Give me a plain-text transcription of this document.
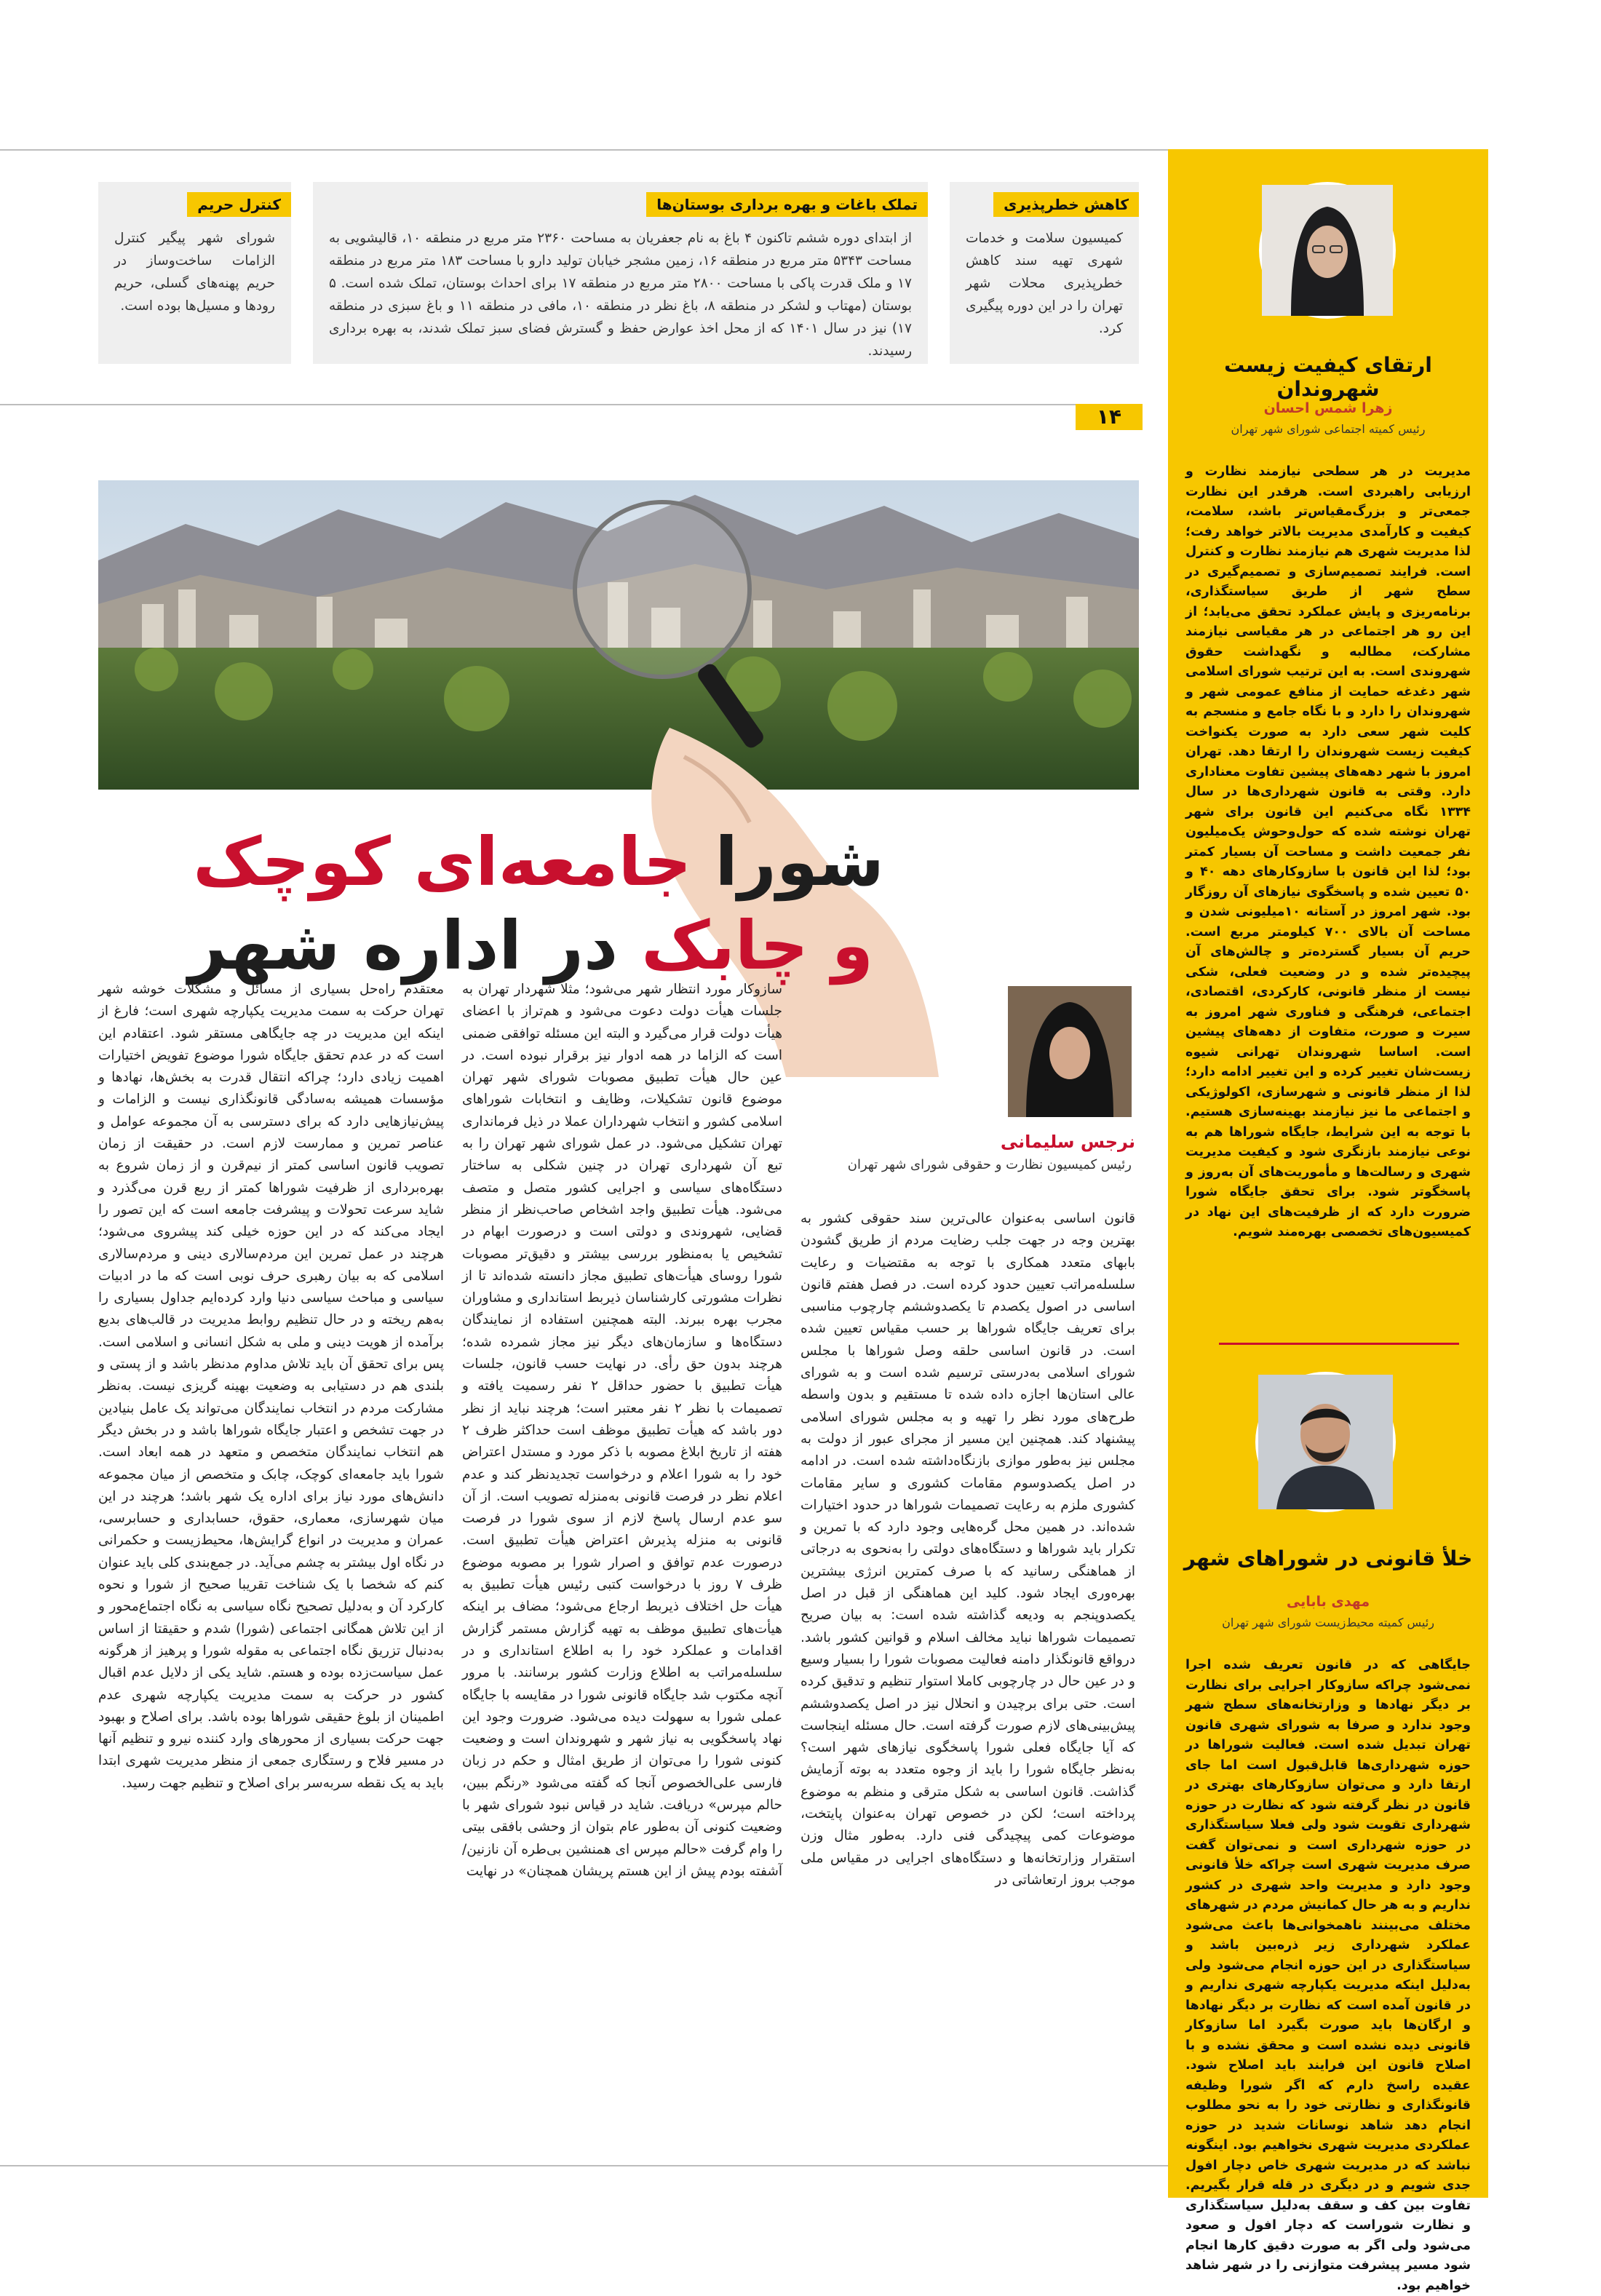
کاهش خطرپذیری
کمیسیون سلامت و خدمات شهری تهیه سند کاهش خطرپذیری محلات شهر تهران را در این دوره پیگیری کرد.
تملک باغات و بهره برداری بوستان‌ها
از ابتدای دوره ششم تاکنون ۴ باغ به نام جعفریان به مساحت ۲۳۶۰ متر مربع در منطقه ۱۰، قالیشویی به مساحت ۵۳۴۳ متر مربع در منطقه ۱۶، زمین مشجر خیابان تولید دارو با مساحت ۱۸۳ متر مربع در منطقه ۱۷ و ملک قدرت پاکی با مساحت ۲۸۰۰ متر مربع در منطقه ۱۷ برای احداث بوستان، تملک شده است. ۵ بوستان (مهتاب و لشکر در منطقه ۸، باغ نظر در منطقه ۱۰، مافی در منطقه ۱۱ و باغ سبزی در منطقه ۱۷) نیز در سال ۱۴۰۱ که از محل اخذ عوارض حفظ و گسترش فضای سبز تملک شدند، به بهره برداری رسیدند.
کنترل حریم
شورای شهر پیگیر کنترل الزامات ساخت‌وساز در حریم پهنه‌های گسلی، حریم رودها و مسیل‌ها بوده است.
۱۴
ارتقای کیفیت زیست شهروندان
زهرا شمس احسان
رئیس کمیته اجتماعی شورای شهر تهران
مدیریت در هر سطحی نیازمند نظارت و ارزیابی راهبردی است. هرقدر این نظارت جمعی‌تر و بزرگ‌مقیاس‌تر باشد، سلامت، کیفیت و کارآمدی مدیریت بالاتر خواهد رفت؛ لذا مدیریت شهری هم نیازمند نظارت و کنترل است. فرایند تصمیم‌سازی و تصمیم‌گیری در سطح شهر از طریق سیاستگذاری، برنامه‌ریزی و پایش عملکرد تحقق می‌یابد؛ از این رو هر اجتماعی در هر مقیاسی نیازمند مشارکت، مطالبه و نگهداشت حقوق شهروندی است. به این ترتیب شورای اسلامی شهر دغدغه حمایت از منافع عمومی شهر و شهروندان را دارد و با نگاه جامع و منسجم به کلیت شهر سعی دارد به صورت یکنواخت کیفیت زیست شهروندان را ارتقا دهد. تهران امروز با شهر دهه‌های پیشین تفاوت معناداری دارد. وقتی به قانون شهرداری‌ها در سال ۱۳۳۴ نگاه می‌کنیم این قانون برای شهر تهران نوشته شده که حول‌وحوش یک‌میلیون نفر جمعیت داشت و مساحت آن بسیار کمتر بود؛ لذا این قانون با سازوکارهای دهه ۴۰ و ۵۰ تعیین شده و پاسخگوی نیازهای آن روزگار بود. شهر امروز در آستانه ۱۰میلیونی شدن و مساحت آن بالای ۷۰۰ کیلومتر مربع است. حریم آن بسیار گسترده‌تر و چالش‌های آن پیچیده‌تر شده و در وضعیت فعلی، شکی نیست از منظر قانونی، کارکردی، اقتصادی، اجتماعی، فرهنگی و فناوری شهر امروز به سیرت و صورت، متفاوت از دهه‌های پیشین است. اساسا شهروندان تهرانی شیوه زیست‌شان تغییر کرده و این تغییر ادامه دارد؛ لذا از منظر قانونی و شهرسازی، اکولوژیکی و اجتماعی ما نیز نیازمند بهینه‌سازی هستیم. با توجه به این شرایط، جایگاه شوراها هم به نوعی نیازمند بازنگری شود و کیفیت مدیریت شهری و رسالت‌ها و مأموریت‌های آن به‌روز و پاسخگوتر شود. برای تحقق جایگاه شورا ضرورت دارد که از ظرفیت‌های این نهاد در کمیسیون‌های تخصصی بهره‌مند شویم.
خلأ قانونی در شوراهای شهر
مهدی بابایی
رئیس کمیته محیط‌زیست شورای شهر تهران
جایگاهی که در قانون تعریف شده اجرا نمی‌شود چراکه سازوکار اجرایی برای نظارت بر دیگر نهادها و وزارتخانه‌های سطح شهر وجود ندارد و صرفا به شورای شهری قانون تهران تبدیل شده است. فعالیت شوراها در حوزه شهرداری‌ها قابل‌قبول است اما جای ارتقا دارد و می‌توان سازوکارهای بهتری در قانون در نظر گرفته شود که نظارت در حوزه شهرداری تقویت شود ولی فعلا سیاستگذاری در حوزه شهرداری است و نمی‌توان گفت صرف مدیریت شهری است چراکه خلأ قانونی وجود دارد و مدیریت واحد شهری در کشور نداریم و به هر حال کمانیش مردم در شهرهای مختلف می‌بینند ناهمخوانی‌ها باعث می‌شود عملکرد شهرداری زیر ذره‌بین باشد و سیاستگذاری در این حوزه انجام می‌شود ولی به‌دلیل اینکه مدیریت یکپارچه شهری نداریم و در قانون آمده است که نظارت بر دیگر نهادها و ارگان‌ها باید صورت بگیرد اما سازوکار قانونی دیده نشده است و محقق نشده و با اصلاح قانون این فرایند باید اصلاح شود. عقیده راسخ دارم که اگر شورا وظیفه قانونگذاری و نظارتی خود را به نحو مطلوب انجام دهد شاهد نوسانات شدید در حوزه عملکردی مدیریت شهری نخواهیم بود. اینگونه نباشد که در مدیریت شهری خاص دچار افول جدی شویم و در دیگری در قله قرار بگیریم. تفاوت بین کف و سقف به‌دلیل سیاستگذاری و نظارت شوراست که دچار افول و صعود می‌شود ولی اگر به صورت دقیق کارها انجام شود مسیر پیشرفت متوازنی را در شهر شاهد خواهیم بود.
شورا جامعه‌ای کوچک
و چابک در اداره شهر
نرجس سلیمانی
رئیس کمیسیون نظارت و حقوقی شورای شهر تهران
قانون اساسی به‌عنوان عالی‌ترین سند حقوقی کشور به بهترین وجه در جهت جلب رضایت مردم از طریق گشودن بابهای متعدد همکاری با توجه به مقتضیات و رعایت سلسله‌مراتب تعیین حدود کرده است. در فصل هفتم قانون اساسی در اصول یکصدم تا یکصدوششم چارچوب مناسبی برای تعریف جایگاه شوراها بر حسب مقیاس تعیین شده است. در قانون اساسی حلقه وصل شوراها با مجلس شورای اسلامی به‌درستی ترسیم شده است و به شورای عالی استان‌ها اجازه داده شده تا مستقیم و بدون واسطه طرح‌های مورد نظر را تهیه و به مجلس شورای اسلامی پیشنهاد کند. همچنین این مسیر از مجرای عبور از دولت به مجلس نیز به‌طور موازی بازنگاه‌داشته شده است. در ادامه در اصل یکصدوسوم مقامات کشوری و سایر مقامات کشوری ملزم به رعایت تصمیمات شوراها در حدود اختیارات شده‌اند. در همین محل گره‌هایی وجود دارد که با تمرین و تکرار باید شوراها و دستگاه‌های دولتی را به‌نحوی به درجاتی از هماهنگی رسانید که با صرف کمترین انرژی بیشترین بهره‌وری ایجاد شود. کلید این هماهنگی از قبل در اصل یکصدوپنجم به ودیعه گذاشته شده است: به بیان صریح تصمیمات شوراها نباید مخالف اسلام و قوانین کشور باشد. درواقع قانونگذار دامنه فعالیت مصوبات شورا را بسیار وسیع و در عین حال در چارچوبی کاملا استوار تنظیم و تدقیق کرده است. حتی برای برچیدن و انحلال نیز در اصل یکصدوششم پیش‌بینی‌های لازم صورت گرفته است. حال مسئله اینجاست که آیا جایگاه فعلی شورا پاسخگوی نیازهای شهر است؟ به‌نظر جایگاه شورا را باید از وجوه متعدد به بوته آزمایش گذاشت. قانون اساسی به شکل مترقی و منظم به موضوع پرداخته است؛ لکن در خصوص تهران به‌عنوان پایتخت، موضوعات کمی پیچیدگی فنی دارد. به‌طور مثال وزن استقرار وزارتخانه‌ها و دستگاه‌های اجرایی در مقیاس ملی موجب بروز ارتعاشاتی در
سازوکار مورد انتظار شهر می‌شود؛ مثلا شهردار تهران به جلسات هیأت دولت دعوت می‌شود و هم‌تراز با اعضای هیأت دولت قرار می‌گیرد و البته این مسئله توافقی ضمنی است که الزاما در همه ادوار نیز برقرار نبوده است. در عین حال هیأت تطبیق مصوبات شورای شهر تهران موضوع قانون تشکیلات، وظایف و انتخابات شوراهای اسلامی کشور و انتخاب شهرداران عملا در ذیل فرمانداری تهران تشکیل می‌شود. در عمل شورای شهر تهران را به تبع آن شهرداری تهران در چنین شکلی به ساختار دستگاه‌های سیاسی و اجرایی کشور متصل و متصف می‌شود. هیأت تطبیق واجد اشخاص صاحب‌نظر از منظر قضایی، شهروندی و دولتی است و درصورت ابهام در تشخیص یا به‌منظور بررسی بیشتر و دقیق‌تر مصوبات شورا روسای هیأت‌های تطبیق مجاز دانسته شده‌اند تا از نظرات مشورتی کارشناسان ذیربط استانداری و مشاوران مجرب بهره ببرند. البته همچنین استفاده از نمایندگان دستگاه‌ها و سازمان‌های دیگر نیز مجاز شمرده شده؛ هرچند بدون حق رأی. در نهایت حسب قانون، جلسات هیأت تطبیق با حضور حداقل ۲ نفر رسمیت یافته و تصمیمات با نظر ۲ نفر معتبر است؛ هرچند نباید از نظر دور باشد که هیأت تطبیق موظف است حداکثر ظرف ۲ هفته از تاریخ ابلاغ مصوبه با ذکر مورد و مستدل اعتراض خود را به شورا اعلام و درخواست تجدیدنظر کند و عدم اعلام نظر در فرصت قانونی به‌منزله تصویب است. از آن سو عدم ارسال پاسخ لازم از سوی شورا در فرصت قانونی به منزله پذیرش اعتراض هیأت تطبیق است. درصورت عدم توافق و اصرار شورا بر مصوبه موضوع ظرف ۷ روز با درخواست کتبی رئیس هیأت تطبیق به هیأت حل اختلاف ذیربط ارجاع می‌شود؛ مضاف بر اینکه هیأت‌های تطبیق موظف به تهیه گزارش مستمر گزارش اقدامات و عملکرد خود را به اطلاع استانداری و در سلسله‌مراتب به اطلاع وزارت کشور برسانند. با مرور آنچه مکتوب شد جایگاه قانونی شورا در مقایسه با جایگاه عملی شورا به سهولت دیده می‌شود. ضرورت وجود این نهاد پاسخگویی به نیاز شهر و شهروندان است و وضعیت کنونی شورا را می‌توان از طریق امثال و حکم در زبان فارسی علی‌الخصوص آنجا که گفته می‌شود «رنگم ببین، حالم مپرس» دریافت. شاید در قیاس نبود شورای شهر با وضعیت کنونی آن به‌طور عام بتوان از وحشی بافقی بیتی را وام گرفت «حالم مپرس ای همنشین بی‌طره آن نازنین/آشفته بودم پیش از این هستم پریشان همچنان» در نهایت
معتقدم راه‌حل بسیاری از مسائل و مشکلات خوشه شهر تهران حرکت به سمت مدیریت یکپارچه شهری است؛ فارغ از اینکه این مدیریت در چه جایگاهی مستقر شود. اعتقادم این است که در عدم تحقق جایگاه شورا موضوع تفویض اختیارات اهمیت زیادی دارد؛ چراکه انتقال قدرت به بخش‌ها، نهادها و مؤسسات همیشه به‌سادگی قانونگذاری نیست و الزامات و پیش‌نیازهایی دارد که برای دسترسی به آن مجموعه عوامل و عناصر تمرین و ممارست لازم است. در حقیقت از زمان تصویب قانون اساسی کمتر از نیم‌قرن و از زمان شروع به بهره‌برداری از ظرفیت شوراها کمتر از ربع قرن می‌گذرد و شاید سرعت تحولات و پیشرفت جامعه است که این تصور را ایجاد می‌کند که در این حوزه خیلی کند پیشروی می‌شود؛ هرچند در عمل تمرین این مردم‌سالاری دینی و مردم‌سالاری اسلامی که به بیان رهبری حرف نوبی است که ما در ادبیات سیاسی و مباحث سیاسی دنیا وارد کرده‌ایم جداول بسیاری را به‌هم ریخته و در حال تنظیم روابط مدیریت در قالب‌های بدیع برآمده از هویت دینی و ملی به شکل انسانی و اسلامی است. پس برای تحقق آن باید تلاش مداوم مدنظر باشد و از پستی و بلندی هم در دستیابی به وضعیت بهینه گریزی نیست. به‌نظر مشارکت مردم در انتخاب نمایندگان می‌تواند یک عامل بنیادین در جهت تشخص و اعتبار جایگاه شوراها باشد و در بخش دیگر هم انتخاب نمایندگان متخصص و متعهد در همه ابعاد است. شورا باید جامعه‌ای کوچک، چابک و متخصص از میان مجموعه دانش‌های مورد نیاز برای اداره یک شهر باشد؛ هرچند در این میان شهرسازی، معماری، حقوق، حسابداری و حسابرسی، عمران و مدیریت در انواع گرایش‌ها، محیط‌زیست و حکمرانی در نگاه اول بیشتر به چشم می‌آید. در جمع‌بندی کلی باید عنوان کنم که شخصا با یک شناخت تقریبا صحیح از شورا و نحوه کارکرد آن و به‌دلیل تصحیح نگاه سیاسی به نگاه اجتماع‌محور و از این تلاش همگانی اجتماعی (شورا) شدم و حقیقتا از اساس به‌دنبال تزریق نگاه اجتماعی به مقوله شورا و پرهیز از هرگونه عمل سیاست‌زده بوده و هستم. شاید یکی از دلایل عدم اقبال کشور در حرکت به سمت مدیریت یکپارچه شهری عدم اطمینان از بلوغ حقیقی شوراها بوده باشد. برای اصلاح و بهبود جهت حرکت بسیاری از محورهای وارد کننده نیرو و تنظیم آنها در مسیر فلاح و رستگاری جمعی از منظر مدیریت شهری ابتدا باید به یک نقطه سربه‌سر برای اصلاح و تنظیم جهت رسید.
